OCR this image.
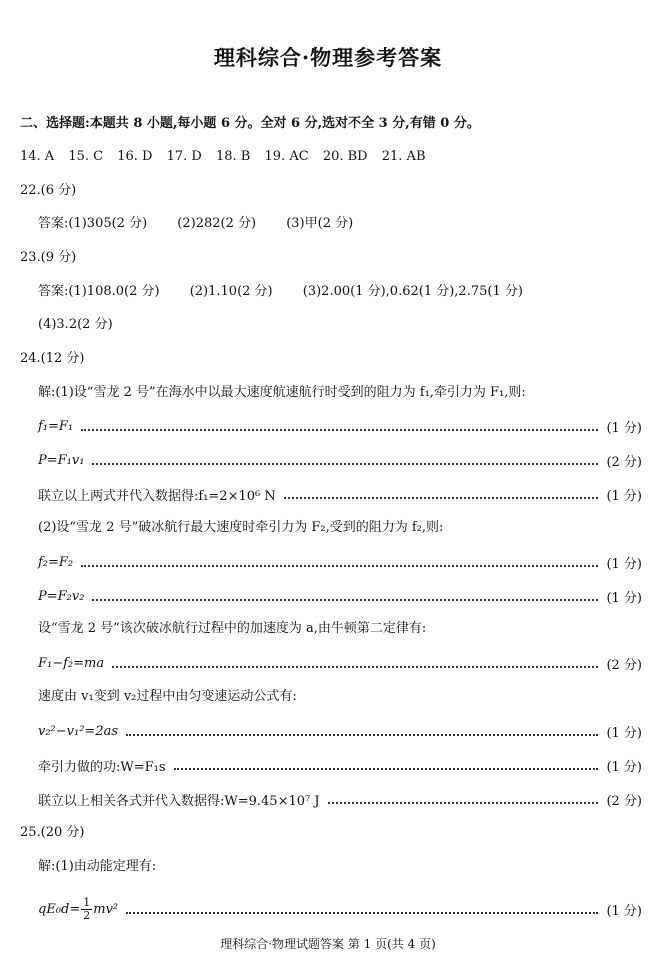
理科综合·物理参考答案
二、选择题:本题共 8 小题,每小题 6 分。全对 6 分,选对不全 3 分,有错 0 分。
14. A 15. C 16. D 17. D 18. B 19. AC 20. BD 21. AB
22.(6 分)
答案:(1)305(2 分) (2)282(2 分) (3)甲(2 分)
23.(9 分)
答案:(1)108.0(2 分) (2)1.10(2 分) (3)2.00(1 分),0.62(1 分),2.75(1 分)
(4)3.2(2 分)
24.(12 分)
解:(1)设“雪龙 2 号”在海水中以最大速度航速航行时受到的阻力为 f₁,牵引力为 F₁,则:
f₁=F₁	(1 分)
P=F₁v₁	(2 分)
联立以上两式并代入数据得:f₁=2×10⁶ N	(1 分)
(2)设“雪龙 2 号”破冰航行最大速度时牵引力为 F₂,受到的阻力为 f₂,则:
f₂=F₂	(1 分)
P=F₂v₂	(1 分)
设“雪龙 2 号”该次破冰航行过程中的加速度为 a,由牛顿第二定律有:
F₁−f₂=ma	(2 分)
速度由 v₁变到 v₂过程中由匀变速运动公式有:
v₂²−v₁²=2as	(1 分)
牵引力做的功:W=F₁s	(1 分)
联立以上相关各式并代入数据得:W=9.45×10⁷ J	(2 分)
25.(20 分)
解:(1)由动能定理有:
$qE_0d= \frac{1}{2} mv^2$	(1 分)
理科综合·物理试题答案 第 1 页(共 4 页)
